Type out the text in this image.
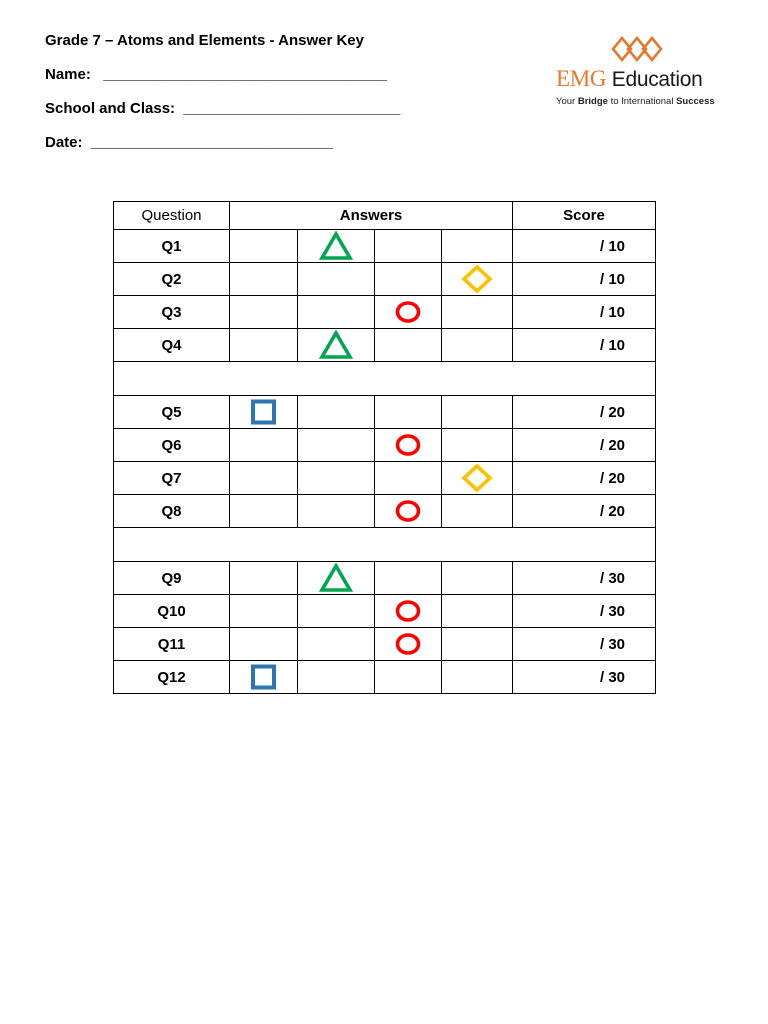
Grade 7 – Atoms and Elements - Answer Key
Name: __________________________________
School and Class: __________________________
Date: _____________________________
EMG Education
Your Bridge to International Success
Question	Answers				Score
Q1					/ 10
Q2					/ 10
Q3					/ 10
Q4					/ 10

Q5					/ 20
Q6					/ 20
Q7					/ 20
Q8					/ 20

Q9					/ 30
Q10					/ 30
Q11					/ 30
Q12					/ 30
